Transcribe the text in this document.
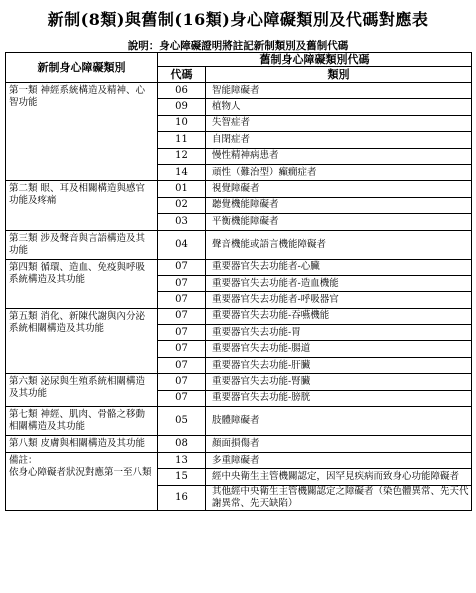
新制(8類)與舊制(16類)身心障礙類別及代碼對應表
說明：身心障礙證明將註記新制類別及舊制代碼
新制身心障礙類別	舊制身心障礙類別代碼	
	代碼	類別
第一類 神經系統構造及精神、心智功能	06	智能障礙者
	09	植物人
	10	失智症者
	11	自閉症者
	12	慢性精神病患者
	14	頑性（難治型）癲癇症者
第二類 眼、耳及相關構造與感官功能及疼痛	01	視覺障礙者
	02	聽覺機能障礙者
	03	平衡機能障礙者
第三類 涉及聲音與言語構造及其功能	04	聲音機能或語言機能障礙者
第四類 循環、造血、免疫與呼吸系統構造及其功能	07	重要器官失去功能者-心臟
	07	重要器官失去功能者-造血機能
	07	重要器官失去功能者-呼吸器官
第五類 消化、新陳代謝與內分泌系統相關構造及其功能	07	重要器官失去功能-吞嚥機能
	07	重要器官失去功能-胃
	07	重要器官失去功能-腸道
	07	重要器官失去功能-肝臟
第六類 泌尿與生殖系統相關構造及其功能	07	重要器官失去功能-腎臟
	07	重要器官失去功能-膀胱
第七類 神經、肌肉、骨骼之移動相關構造及其功能	05	肢體障礙者
第八類 皮膚與相關構造及其功能	08	顏面損傷者
備註：
依身心障礙者狀況對應第一至八類	13	多重障礙者
	15	經中央衛生主管機關認定，因罕見疾病而致身心功能障礙者
	16	其他經中央衛生主管機關認定之障礙者（染色體異常、先天代謝異常、先天缺陷）
